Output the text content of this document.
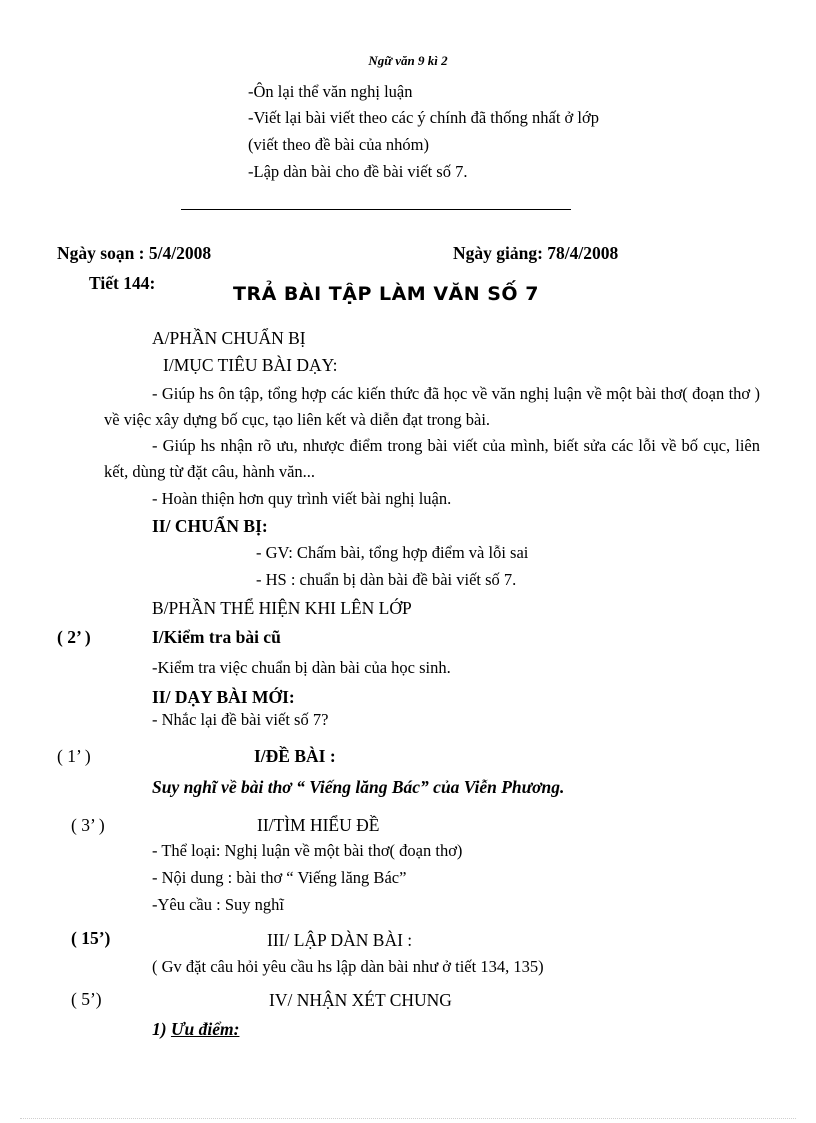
Ngữ văn 9 kì 2
-Ôn lại thể văn nghị luận
-Viết lại bài viết theo các ý chính đã thống nhất ở lớp
(viết theo đề bài của nhóm)
-Lập dàn bài cho đề bài viết số 7.
Ngày soạn : 5/4/2008	Ngày giảng: 78/4/2008
Tiết 144:	TRẢ BÀI TẬP LÀM VĂN SỐ 7
A/PHẦN CHUẨN BỊ
I/MỤC TIÊU BÀI DẠY:
- Giúp hs ôn tập, tổng hợp các kiến thức đã học về văn nghị luận về một bài thơ( đoạn thơ ) về việc xây dựng bố cục, tạo liên kết và diễn đạt trong bài.
- Giúp hs nhận rõ ưu, nhược điểm trong bài viết của mình, biết sửa các lỗi về bố cục, liên kết, dùng từ đặt câu, hành văn...
- Hoàn thiện hơn quy trình viết bài nghị luận.
II/ CHUẨN BỊ:
- GV: Chấm bài, tổng hợp điểm và lỗi sai
- HS : chuẩn bị dàn bài đề bài viết số 7.
B/PHẦN THỂ HIỆN KHI LÊN LỚP
( 2’ )	I/Kiểm tra bài cũ
-Kiểm tra việc chuẩn bị dàn bài của học sinh.
II/ DẠY BÀI MỚI:
- Nhắc lại đề bài viết số 7?
( 1’ )	I/ĐỀ BÀI :
Suy nghĩ về bài thơ “ Viếng lăng Bác” của Viễn Phương.
( 3’ )	II/TÌM HIỂU ĐỀ
- Thể loại: Nghị luận về một bài thơ( đoạn thơ)
- Nội dung : bài thơ “ Viếng lăng Bác”
-Yêu cầu : Suy nghĩ
( 15’)	III/ LẬP DÀN BÀI :
( Gv đặt câu hỏi yêu cầu hs lập dàn bài như ở tiết 134, 135)
( 5’)	IV/ NHẬN XÉT CHUNG
1) Ưu điểm:
